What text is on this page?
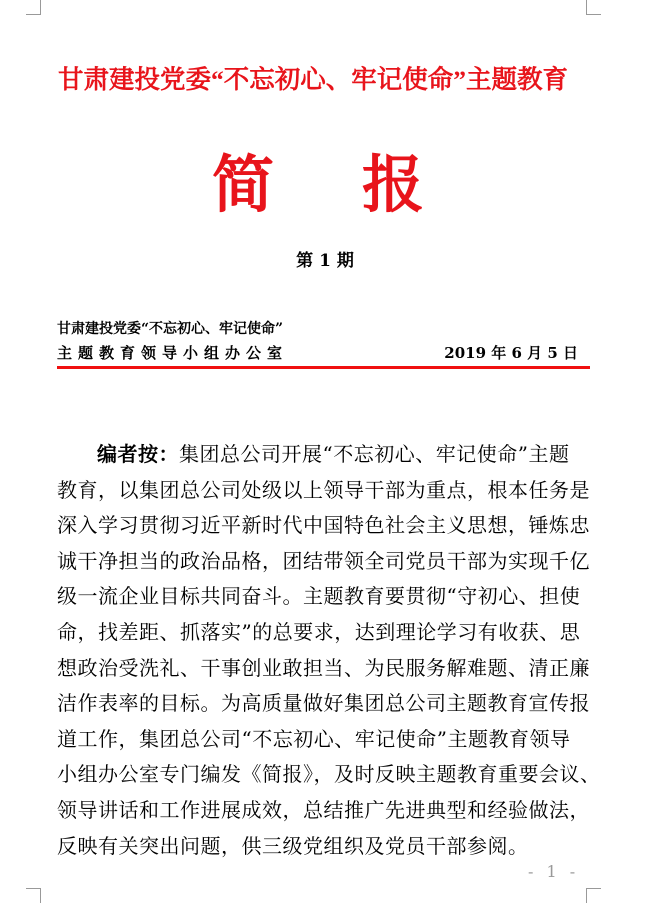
甘肃建投党委“不忘初心、牢记使命”主题教育
简 报
第 1 期
甘肃建投党委“不忘初心、牢记使命”
主题教育领导小组办公室	2019 年 6 月 5 日
编者按：集团总公司开展“不忘初心、牢记使命”主题
教育，以集团总公司处级以上领导干部为重点，根本任务是
深入学习贯彻习近平新时代中国特色社会主义思想，锤炼忠
诚干净担当的政治品格，团结带领全司党员干部为实现千亿
级一流企业目标共同奋斗。主题教育要贯彻“守初心、担使
命，找差距、抓落实”的总要求，达到理论学习有收获、思
想政治受洗礼、干事创业敢担当、为民服务解难题、清正廉
洁作表率的目标。为高质量做好集团总公司主题教育宣传报
道工作，集团总公司“不忘初心、牢记使命”主题教育领导
小组办公室专门编发《简报》，及时反映主题教育重要会议、
领导讲话和工作进展成效，总结推广先进典型和经验做法，
反映有关突出问题，供三级党组织及党员干部参阅。
- 1 -
